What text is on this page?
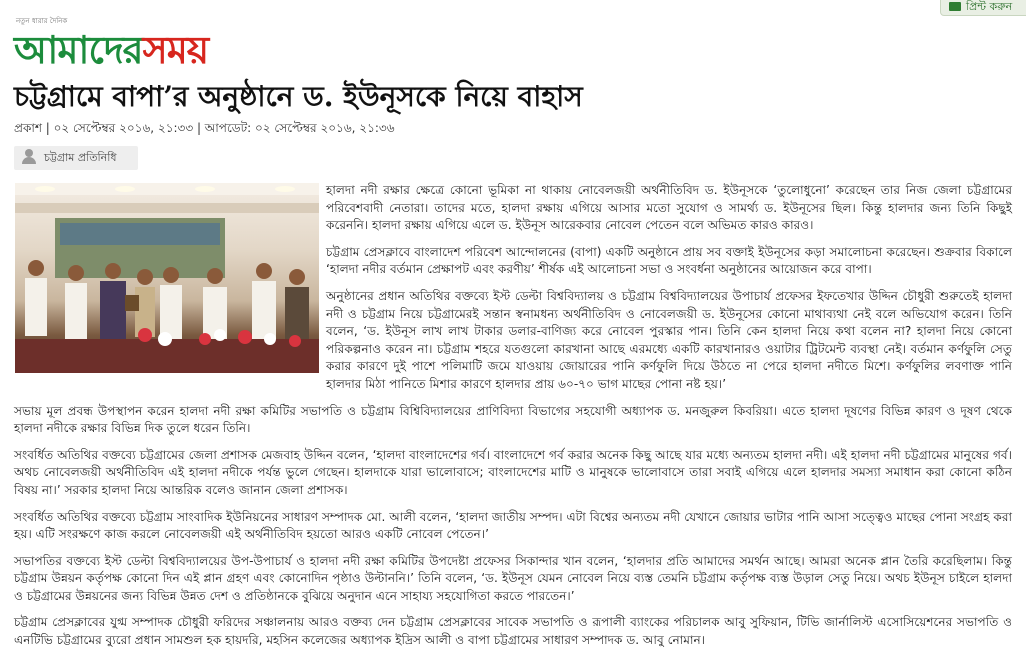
প্রিন্ট করুন
নতুন ধারার দৈনিক
আমাদেরসময়
চট্টগ্রামে বাপা’র অনুষ্ঠানে ড. ইউনূসকে নিয়ে বাহাস
প্রকাশ | ০২ সেপ্টেম্বর ২০১৬, ২১:৩৩ | আপডেট: ০২ সেপ্টেম্বর ২০১৬, ২১:৩৬
চট্টগ্রাম প্রতিনিধি

হালদা নদী রক্ষার ক্ষেত্রে কোনো ভূমিকা না থাকায় নোবেলজয়ী অর্থনীতিবিদ ড. ইউনূসকে ‘তুলোধুনো’ করেছেন তার নিজ জেলা চট্টগ্রামের পরিবেশবাদী নেতারা। তাদের মতে, হালদা রক্ষায় এগিয়ে আসার মতো সুযোগ ও সামর্থ্য ড. ইউনূসের ছিল। কিন্তু হালদার জন্য তিনি কিছুই করেননি। হালদা রক্ষায় এগিয়ে এলে ড. ইউনূস আরেকবার নোবেল পেতেন বলে অভিমত কারও কারও।

চট্টগ্রাম প্রেসক্লাবে বাংলাদেশ পরিবেশ আন্দোলনের (বাপা) একটি অনুষ্ঠানে প্রায় সব বক্তাই ইউনূসের কড়া সমালোচনা করেছেন। শুক্রবার বিকালে ‘হালদা নদীর বর্তমান প্রেক্ষাপট এবং করণীয়’ শীর্ষক এই আলোচনা সভা ও সংবর্ধনা অনুষ্ঠানের আয়োজন করে বাপা।

অনুষ্ঠানের প্রধান অতিথির বক্তব্যে ইস্ট ডেল্টা বিশ্ববিদ্যালয় ও চট্টগ্রাম বিশ্ববিদ্যালয়ের উপাচার্য প্রফেসর ইফতেখার উদ্দিন চৌধুরী শুরুতেই হালদা নদী ও চট্টগ্রাম নিয়ে চট্টগ্রামেরই সন্তান স্বনামধন্য অর্থনীতিবিদ ও নোবেলজয়ী ড. ইউনূসের কোনো মাথাব্যথা নেই বলে অভিযোগ করেন। তিনি বলেন, ‘ড. ইউনূস লাখ লাখ টাকার ডলার-বাণিজ্য করে নোবেল পুরস্কার পান। তিনি কেন হালদা নিয়ে কথা বলেন না? হালদা নিয়ে কোনো পরিকল্পনাও করেন না। চট্টগ্রাম শহরে যতগুলো কারখানা আছে এরমধ্যে একটি কারখানারও ওয়াটার ট্রিটমেন্ট ব্যবস্থা নেই। বর্তমান কর্ণফুলি সেতু করার কারণে দুই পাশে পলিমাটি জমে যাওয়ায় জোয়ারের পানি কর্ণফুলি দিয়ে উঠতে না পেরে হালদা নদীতে মিশে। কর্ণফুলির লবণাক্ত পানি হালদার মিঠা পানিতে মিশার কারণে হালদার প্রায় ৬০-৭০ ভাগ মাছের পোনা নষ্ট হয়।’

সভায় মূল প্রবন্ধ উপস্থাপন করেন হালদা নদী রক্ষা কমিটির সভাপতি ও চট্টগ্রাম বিশ্বিবিদ্যালয়ের প্রাণিবিদ্যা বিভাগের সহযোগী অধ্যাপক ড. মনজুরুল কিবরিয়া। এতে হালদা দূষণের বিভিন্ন কারণ ও দূষণ থেকে হালদা নদীকে রক্ষার বিভিন্ন দিক তুলে ধরেন তিনি।

সংবর্ধিত অতিথির বক্তব্যে চট্টগ্রামের জেলা প্রশাসক মেজবাহ উদ্দিন বলেন, ‘হালদা বাংলাদেশের গর্ব। বাংলাদেশে গর্ব করার অনেক কিছু আছে যার মধ্যে অন্যতম হালদা নদী। এই হালদা নদী চট্টগ্রামের মানুষের গর্ব। অথচ নোবেলজয়ী অর্থনীতিবিদ এই হালদা নদীকে পর্যন্ত ভুলে গেছেন। হালদাকে যারা ভালোবাসে; বাংলাদেশের মাটি ও মানুষকে ভালোবাসে তারা সবাই এগিয়ে এলে হালদার সমস্যা সমাধান করা কোনো কঠিন বিষয় না।’ সরকার হালদা নিয়ে আন্তরিক বলেও জানান জেলা প্রশাসক।

সংবর্ধিত অতিথির বক্তব্যে চট্টগ্রাম সাংবাদিক ইউনিয়নের সাধারণ সম্পাদক মো. আলী বলেন, ‘হালদা জাতীয় সম্পদ। এটা বিশ্বের অন্যতম নদী যেখানে জোয়ার ভাটার পানি আসা সত্ত্বেও মাছের পোনা সংগ্রহ করা হয়। এটি সংরক্ষণে কাজ করলে নোবেলজয়ী এই অর্থনীতিবিদ হয়তো আরও একটি নোবেল পেতেন।’

সভাপতির বক্তব্যে ইস্ট ডেল্টা বিশ্ববিদ্যালয়ের উপ-উপাচার্য ও হালদা নদী রক্ষা কমিটির উপদেষ্টা প্রফেসর সিকান্দার খান বলেন, ‘হালদার প্রতি আমাদের সমর্থন আছে। আমরা অনেক প্লান তৈরি করেছিলাম। কিন্তু চট্টগ্রাম উন্নয়ন কর্তৃপক্ষ কোনো দিন এই প্লান গ্রহণ এবং কোনোদিন পৃষ্ঠাও উল্টাননি।’ তিনি বলেন, ‘ড. ইউনূস যেমন নোবেল নিয়ে ব্যস্ত তেমনি চট্টগ্রাম কর্তৃপক্ষ ব্যস্ত উড়াল সেতু নিয়ে। অথচ ইউনূস চাইলে হালদা ও চট্টগ্রামের উন্নয়নের জন্য বিভিন্ন উন্নত দেশ ও প্রতিষ্ঠানকে বুঝিয়ে অনুদান এনে সাহায্য সহযোগিতা করতে পারতেন।’

চট্টগ্রাম প্রেসক্লাবের যুগ্ম সম্পাদক চৌধুরী ফরিদের সঞ্চালনায় আরও বক্তব্য দেন চট্টগ্রাম প্রেসক্লাবের সাবেক সভাপতি ও রূপালী ব্যাংকের পরিচালক আবু সুফিয়ান, টিভি জার্নালিস্ট এসোসিয়েশনের সভাপতি ও এনটিভি চট্টগ্রামের ব্যুরো প্রধান সামশুল হক হায়দরি, মহসিন কলেজের অধ্যাপক ইদ্রিস আলী ও বাপা চট্টগ্রামের সাধারণ সম্পাদক ড. আবু নোমান।
